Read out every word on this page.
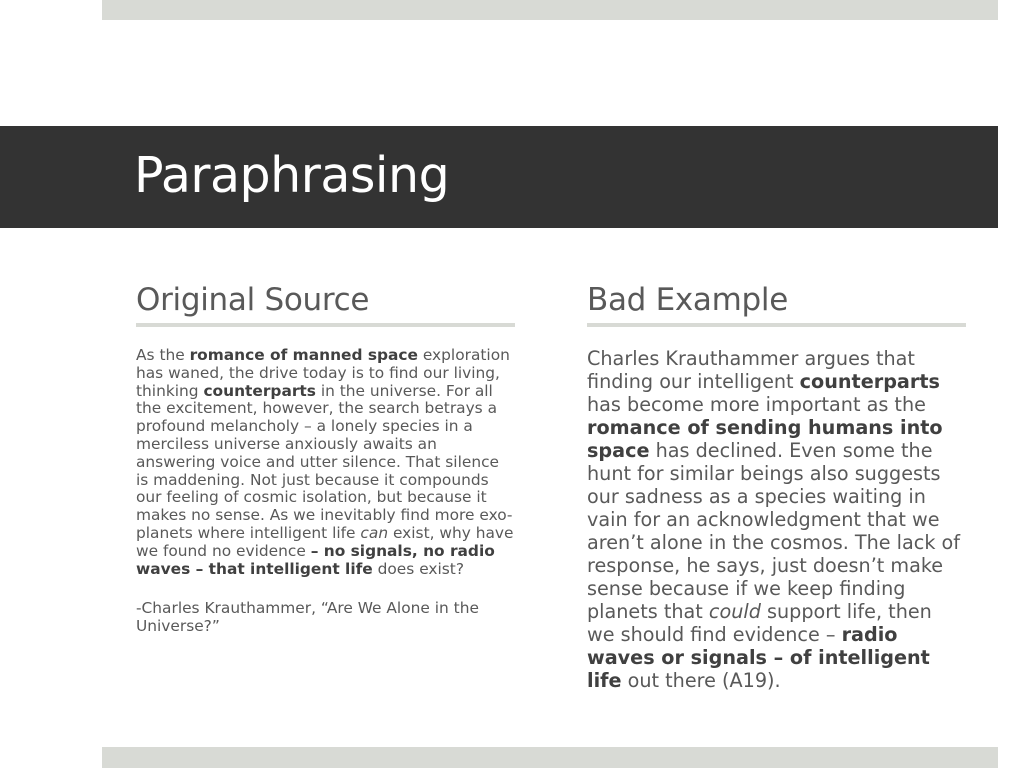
Paraphrasing
Original Source

As the romance of manned space exploration has waned, the drive today is to find our living, thinking counterparts in the universe. For all the excitement, however, the search betrays a profound melancholy – a lonely species in a merciless universe anxiously awaits an answering voice and utter silence. That silence is maddening. Not just because it compounds our feeling of cosmic isolation, but because it makes no sense. As we inevitably find more exo-planets where intelligent life can exist, why have we found no evidence – no signals, no radio waves – that intelligent life does exist?

-Charles Krauthammer, “Are We Alone in the Universe?”

Bad Example

Charles Krauthammer argues that finding our intelligent counterparts has become more important as the romance of sending humans into space has declined. Even some the hunt for similar beings also suggests our sadness as a species waiting in vain for an acknowledgment that we aren’t alone in the cosmos. The lack of response, he says, just doesn’t make sense because if we keep finding planets that could support life, then we should find evidence – radio waves or signals – of intelligent life out there (A19).
